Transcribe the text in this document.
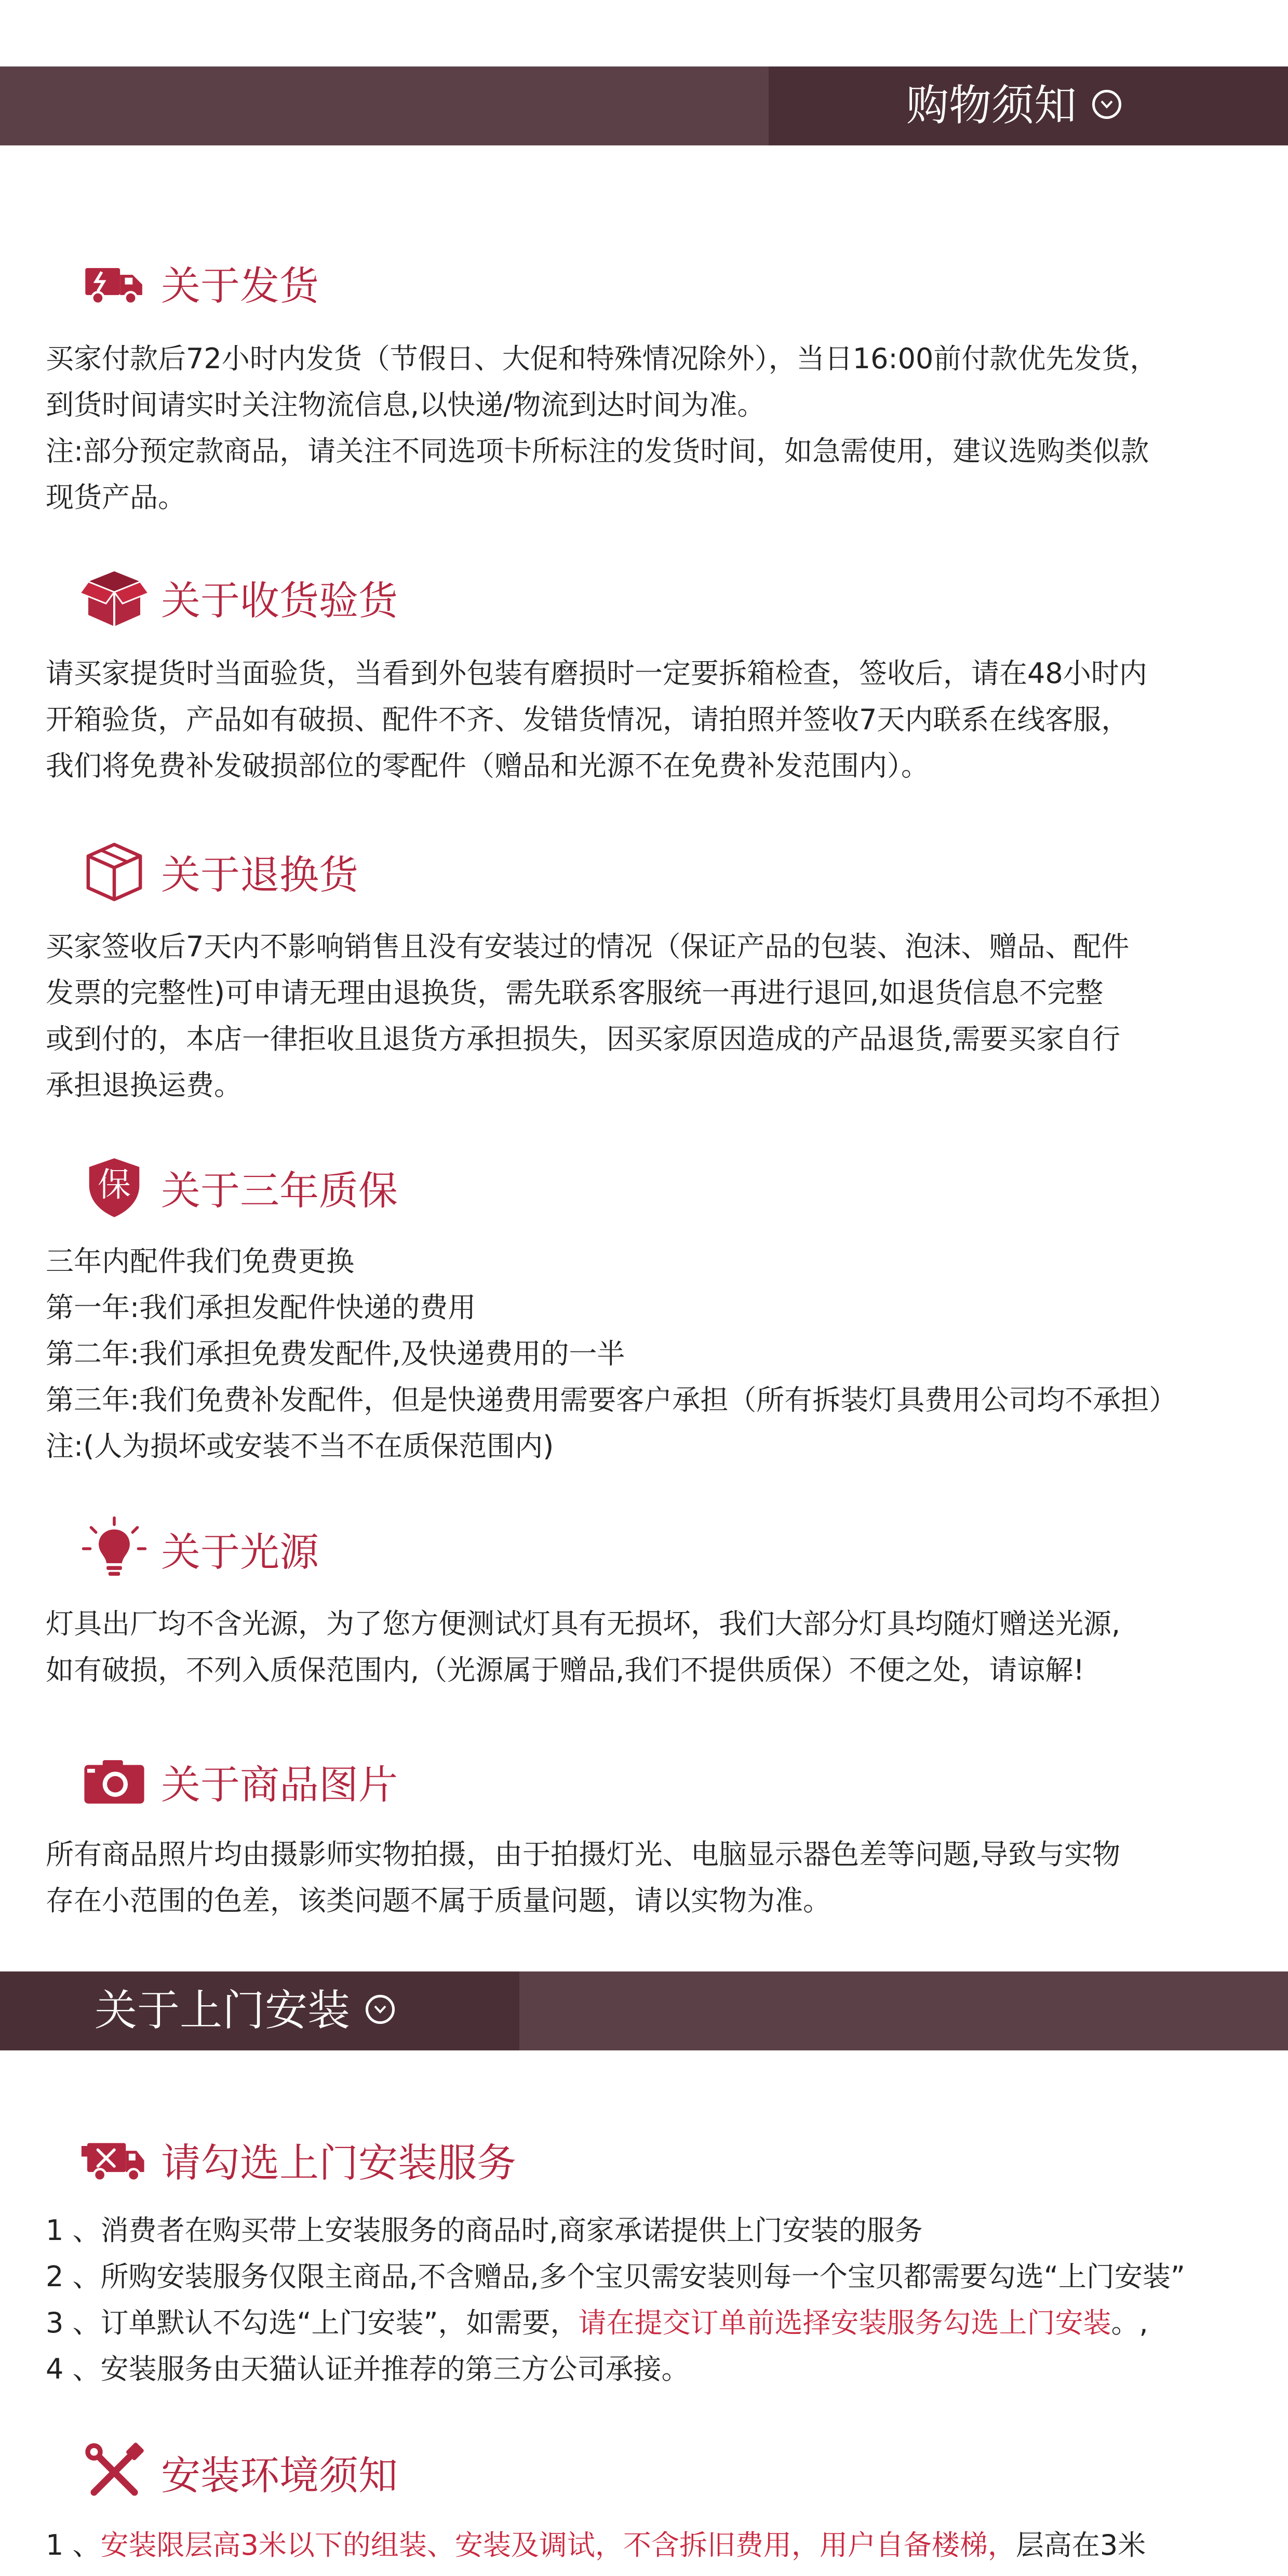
购物须知
关于发货

买家付款后72小时内发货（节假日、大促和特殊情况除外），当日16:00前付款优先发货，

到货时间请实时关注物流信息,以快递/物流到达时间为准。

注:部分预定款商品，请关注不同选项卡所标注的发货时间，如急需使用，建议选购类似款

现货产品。

关于收货验货

请买家提货时当面验货，当看到外包装有磨损时一定要拆箱检查，签收后，请在48小时内

开箱验货，产品如有破损、配件不齐、发错货情况，请拍照并签收7天内联系在线客服，

我们将免费补发破损部位的零配件（赠品和光源不在免费补发范围内）。

关于退换货

买家签收后7天内不影响销售且没有安装过的情况（保证产品的包装、泡沫、赠品、配件

发票的完整性)可申请无理由退换货，需先联系客服统一再进行退回,如退货信息不完整

或到付的，本店一律拒收且退货方承担损失，因买家原因造成的产品退货,需要买家自行

承担退换运费。

保 关于三年质保

三年内配件我们免费更换

第一年:我们承担发配件快递的费用

第二年:我们承担免费发配件,及快递费用的一半

第三年:我们免费补发配件，但是快递费用需要客户承担（所有拆装灯具费用公司均不承担）

注:(人为损坏或安装不当不在质保范围内)

关于光源

灯具出厂均不含光源，为了您方便测试灯具有无损坏，我们大部分灯具均随灯赠送光源,

如有破损，不列入质保范围内,（光源属于赠品,我们不提供质保）不便之处，请谅解!

关于商品图片

所有商品照片均由摄影师实物拍摄，由于拍摄灯光、电脑显示器色差等问题,导致与实物

存在小范围的色差，该类问题不属于质量问题，请以实物为准。

关于上门安装
请勾选上门安装服务

1 、消费者在购买带上安装服务的商品时,商家承诺提供上门安装的服务

2 、所购安装服务仅限主商品,不含赠品,多个宝贝需安装则每一个宝贝都需要勾选“上门安装”

3 、订单默认不勾选“上门安装”，如需要，请在提交订单前选择安装服务勾选上门安装。,

4 、安装服务由天猫认证并推荐的第三方公司承接。

安装环境须知

1 、安装限层高3米以下的组装、安装及调试，不含拆旧费用，用户自备楼梯，层高在3米
